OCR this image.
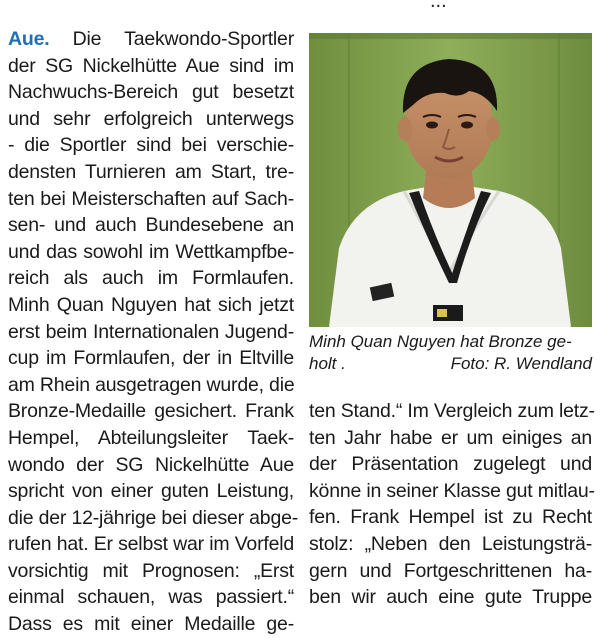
...
Aue. Die Taekwondo-Sportler
der SG Nickelhütte Aue sind im
Nachwuchs-Bereich gut besetzt
und sehr erfolgreich unterwegs
- die Sportler sind bei verschie-
densten Turnieren am Start, tre-
ten bei Meisterschaften auf Sach-
sen- und auch Bundesebene an
und das sowohl im Wettkampfbe-
reich als auch im Formlaufen.
Minh Quan Nguyen hat sich jetzt
erst beim Internationalen Jugend-
cup im Formlaufen, der in Eltville
am Rhein ausgetragen wurde, die
Bronze-Medaille gesichert. Frank
Hempel, Abteilungsleiter Taek-
wondo der SG Nickelhütte Aue
spricht von einer guten Leistung,
die der 12-jährige bei dieser abge-
rufen hat. Er selbst war im Vorfeld
vorsichtig mit Prognosen: „Erst
einmal schauen, was passiert.“
Dass es mit einer Medaille ge-
Minh Quan Nguyen hat Bronze ge-
holt .	Foto: R. Wendland
ten Stand.“ Im Vergleich zum letz-
ten Jahr habe er um einiges an
der Präsentation zugelegt und
könne in seiner Klasse gut mitlau-
fen. Frank Hempel ist zu Recht
stolz: „Neben den Leistungsträ-
gern und Fortgeschrittenen ha-
ben wir auch eine gute Truppe
